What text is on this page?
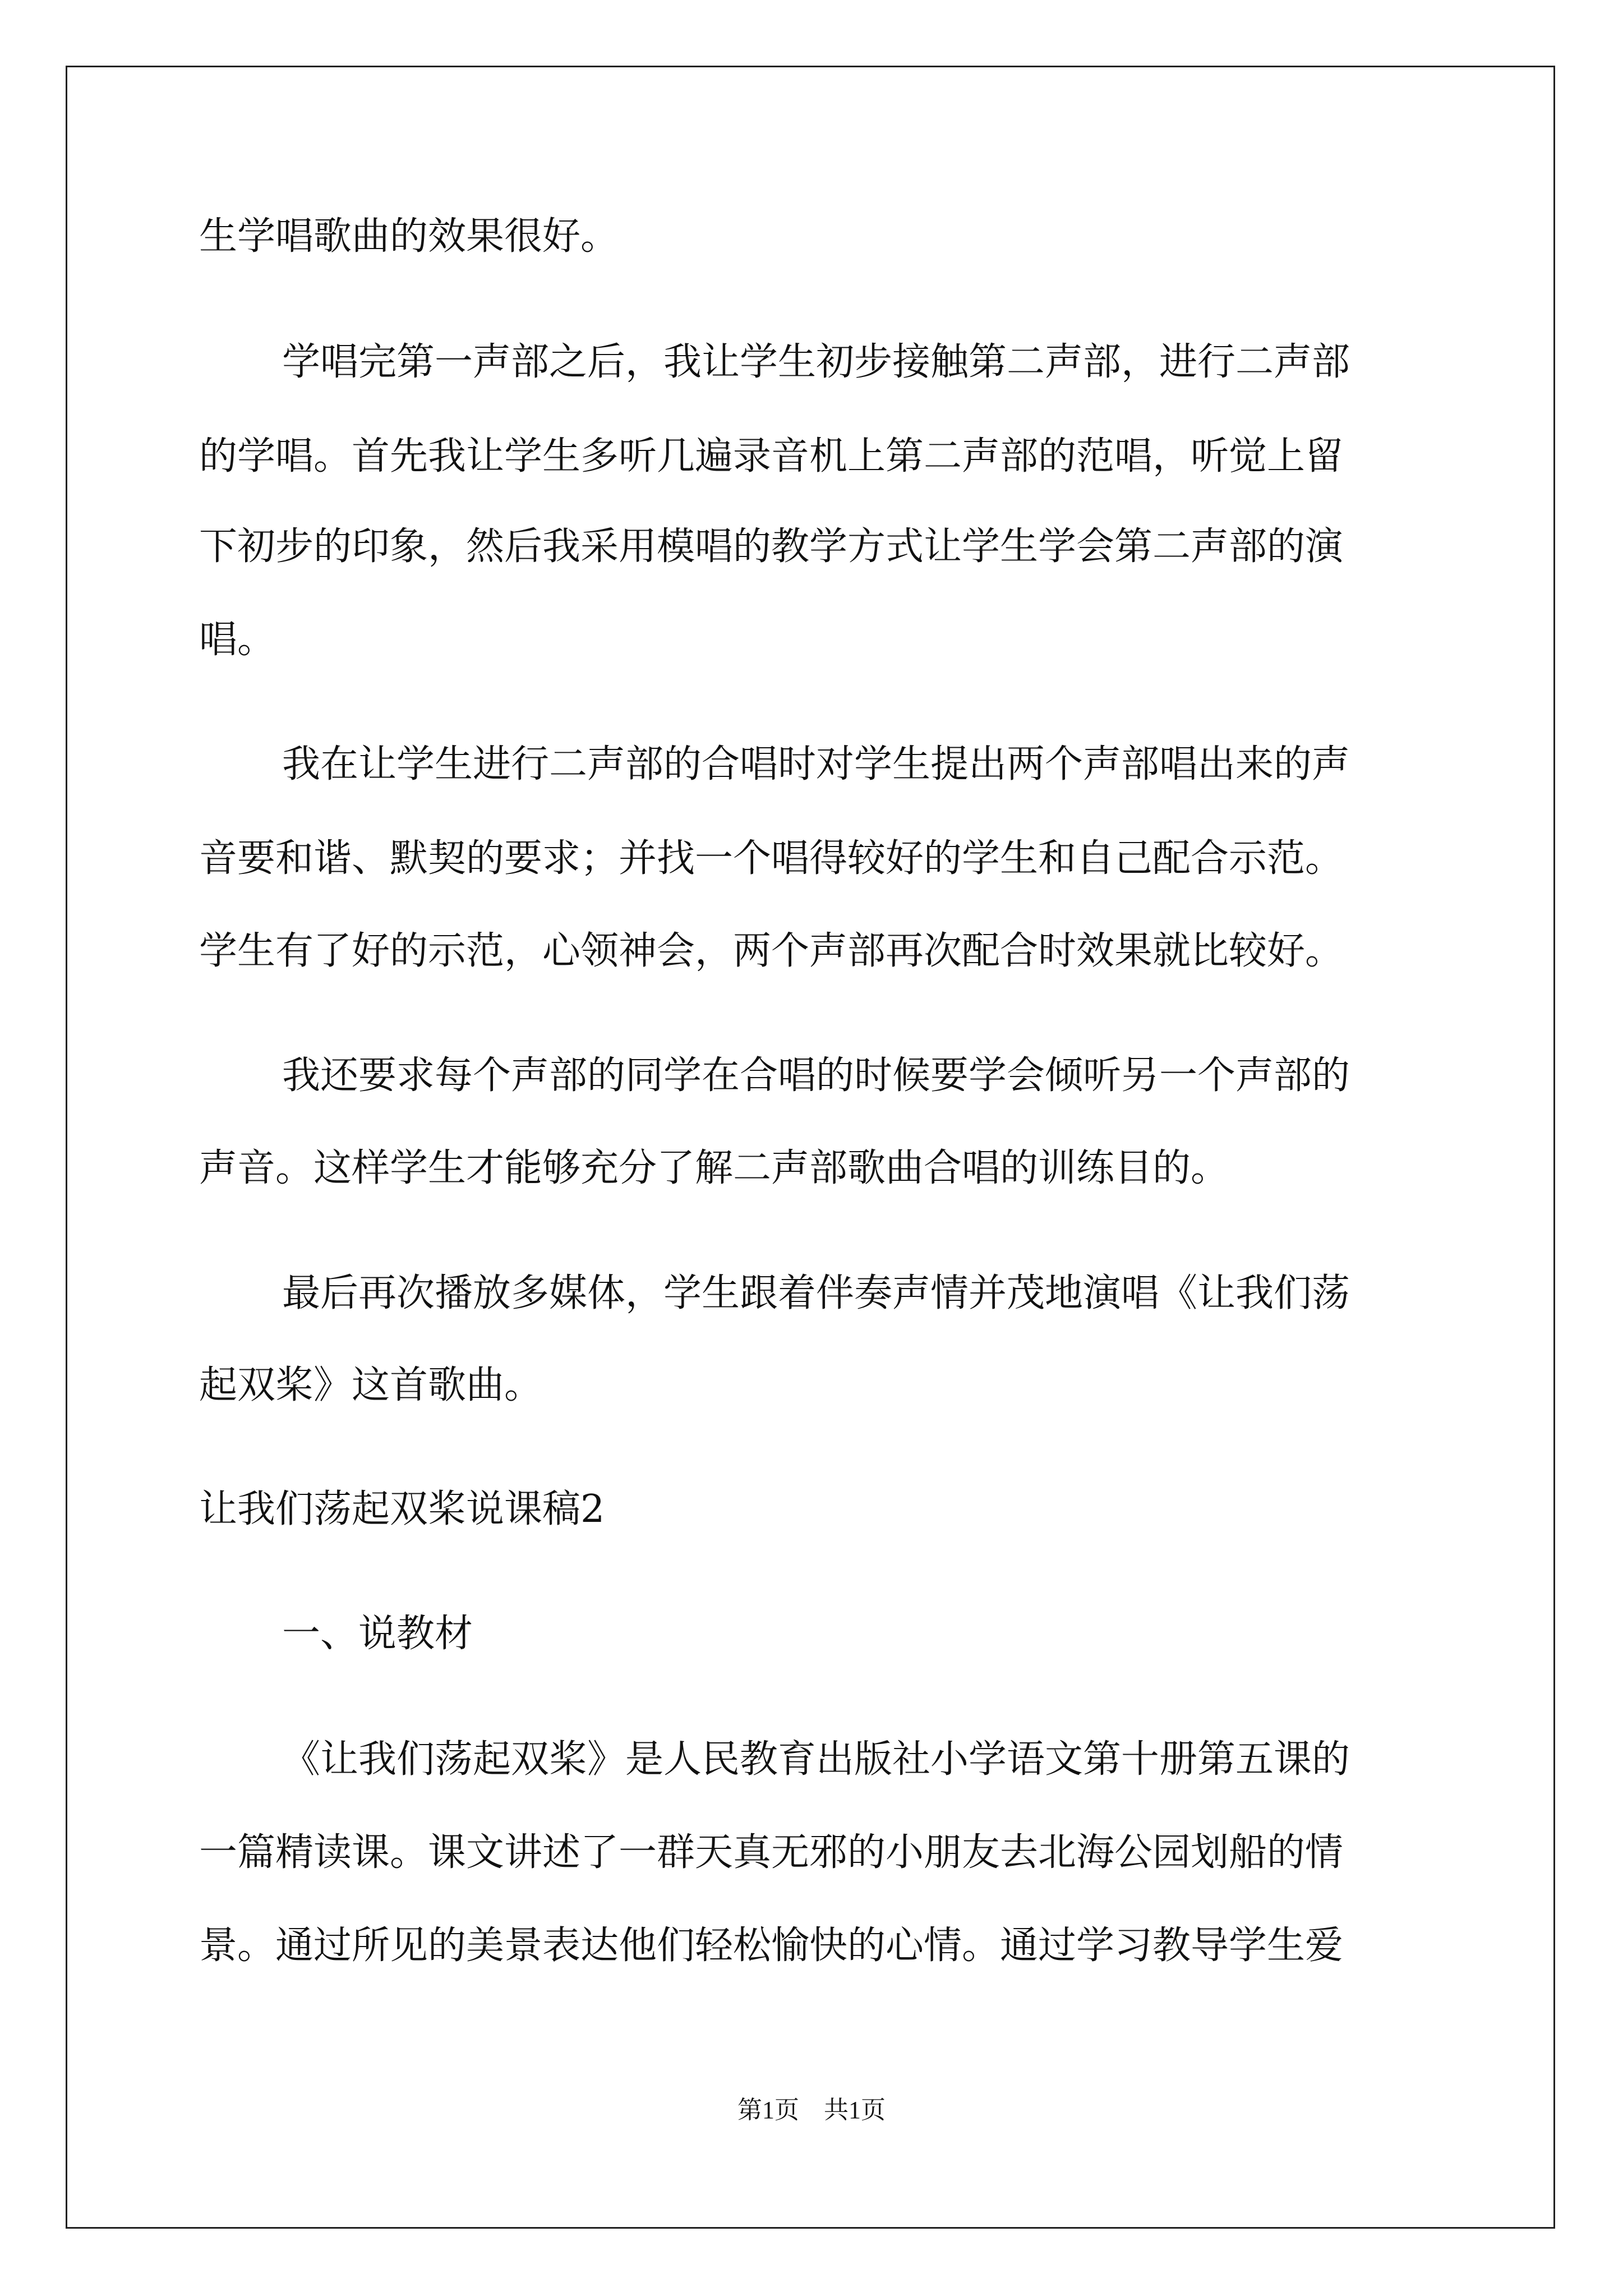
生学唱歌曲的效果很好。
学唱完第一声部之后，我让学生初步接触第二声部，进行二声部
的学唱。首先我让学生多听几遍录音机上第二声部的范唱，听觉上留
下初步的印象，然后我采用模唱的教学方式让学生学会第二声部的演
唱。
我在让学生进行二声部的合唱时对学生提出两个声部唱出来的声
音要和谐、默契的要求；并找一个唱得较好的学生和自己配合示范。
学生有了好的示范，心领神会，两个声部再次配合时效果就比较好。
我还要求每个声部的同学在合唱的时候要学会倾听另一个声部的
声音。这样学生才能够充分了解二声部歌曲合唱的训练目的。
最后再次播放多媒体，学生跟着伴奏声情并茂地演唱《让我们荡
起双桨》这首歌曲。
让我们荡起双桨说课稿2
一、说教材
《让我们荡起双桨》是人民教育出版社小学语文第十册第五课的
一篇精读课。课文讲述了一群天真无邪的小朋友去北海公园划船的情
景。通过所见的美景表达他们轻松愉快的心情。通过学习教导学生爱
第1页　共1页
